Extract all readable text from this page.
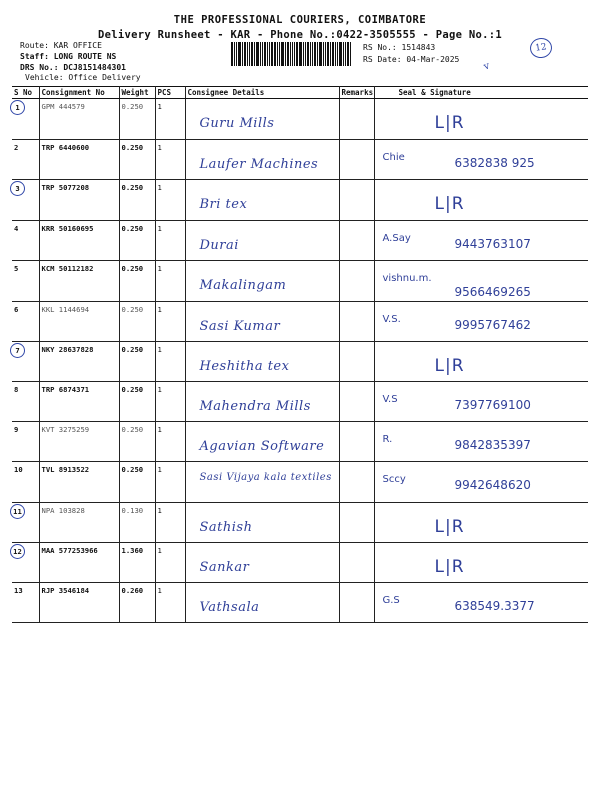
THE PROFESSIONAL COURIERS, COIMBATORE
Delivery Runsheet - KAR - Phone No.:0422-3505555 - Page No.:1
Route: KAR OFFICE
Staff: LONG ROUTE NS
DRS No.: DCJ8151484301
Vehicle: Office Delivery
RS No.: 1514843
RS Date: 04-Mar-2025
12
v
S No	Consignment No	Weight	PCS	Consignee Details	Remarks	Seal & Signature
1	GPM 444579	0.250	1	Guru Mills		L|R

2	TRP 6440600	0.250	1	Laufer Machines		Chie 6382838 925

3	TRP 5077208	0.250	1	Bri tex		L|R

4	KRR 50160695	0.250	1	Durai		A.Say 9443763107

5	KCM 50112182	0.250	1	Makalingam		vishnu.m.
9566469265

6	KKL 1144694	0.250	1	Sasi Kumar		V.S. 9995767462

7	NKY 28637828	0.250	1	Heshitha tex		L|R

8	TRP 6874371	0.250	1	Mahendra Mills		V.S 7397769100

9	KVT 3275259	0.250	1	Agavian Software		R. 9842835397

10	TVL 8913522	0.250	1	Sasi Vijaya kala textiles		Sccy 9942648620

11	NPA 103828	0.130	1	Sathish		L|R

12	MAA 577253966	1.360	1	Sankar		L|R

13	RJP 3546184	0.260	1	Vathsala		G.S 638549.3377
